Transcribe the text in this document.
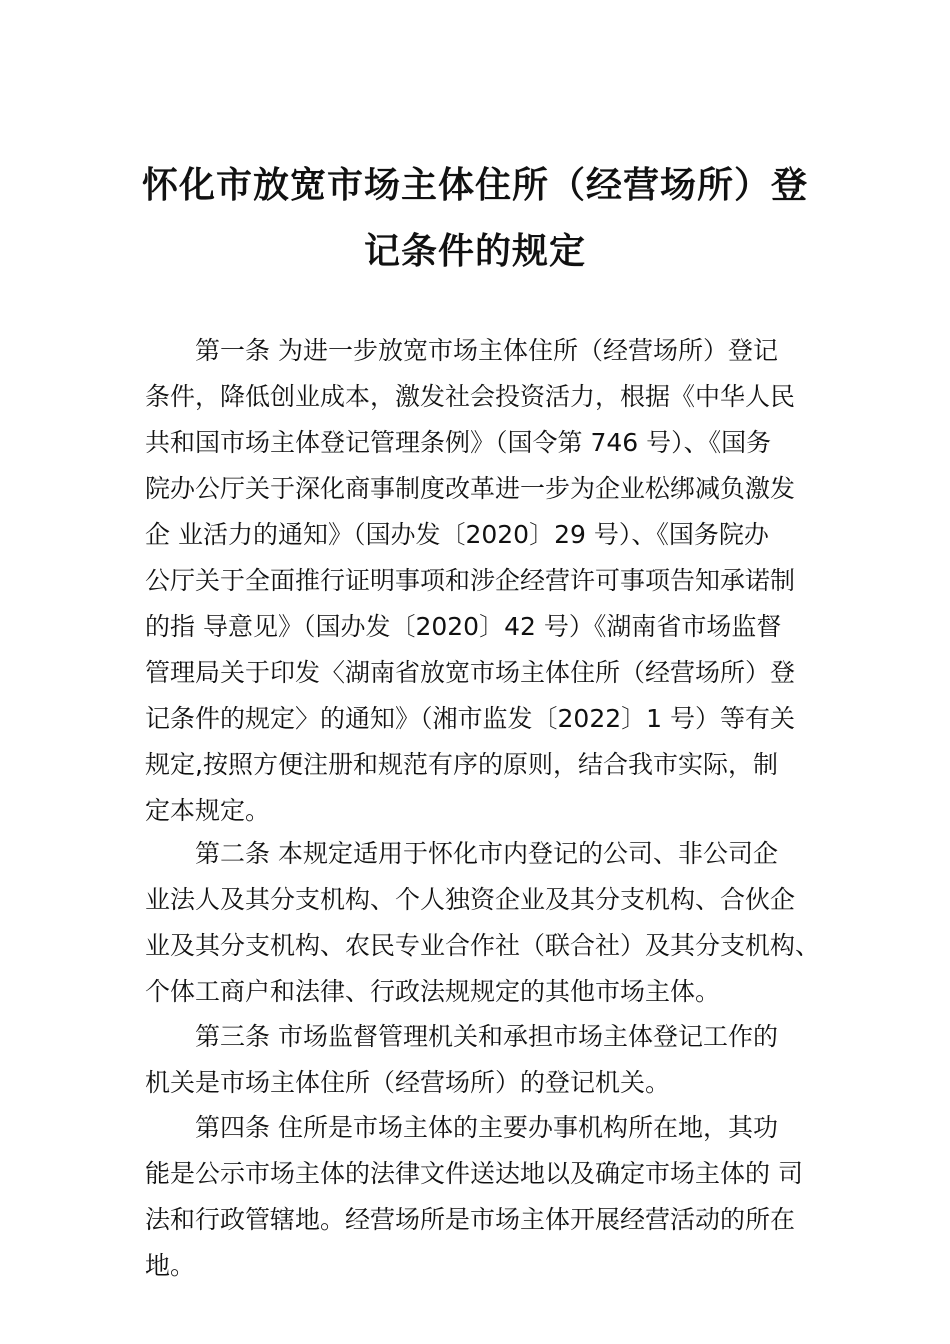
怀化市放宽市场主体住所（经营场所）登
记条件的规定
第一条 为进一步放宽市场主体住所（经营场所）登记
条件，降低创业成本，激发社会投资活力，根据《中华人民
共和国市场主体登记管理条例》（国令第 746 号）、《国务
院办公厅关于深化商事制度改革进一步为企业松绑减负激发
企 业活力的通知》（国办发〔2020〕29 号）、《国务院办
公厅关于全面推行证明事项和涉企经营许可事项告知承诺制
的指 导意见》（国办发〔2020〕42 号）《湖南省市场监督
管理局关于印发〈湖南省放宽市场主体住所（经营场所）登
记条件的规定〉的通知》（湘市监发〔2022〕1 号）等有关
规定,按照方便注册和规范有序的原则，结合我市实际，制
定本规定。
第二条 本规定适用于怀化市内登记的公司、非公司企
业法人及其分支机构、个人独资企业及其分支机构、合伙企
业及其分支机构、农民专业合作社（联合社）及其分支机构、
个体工商户和法律、行政法规规定的其他市场主体。
第三条 市场监督管理机关和承担市场主体登记工作的
机关是市场主体住所（经营场所）的登记机关。
第四条 住所是市场主体的主要办事机构所在地，其功
能是公示市场主体的法律文件送达地以及确定市场主体的 司
法和行政管辖地。经营场所是市场主体开展经营活动的所在
地。
